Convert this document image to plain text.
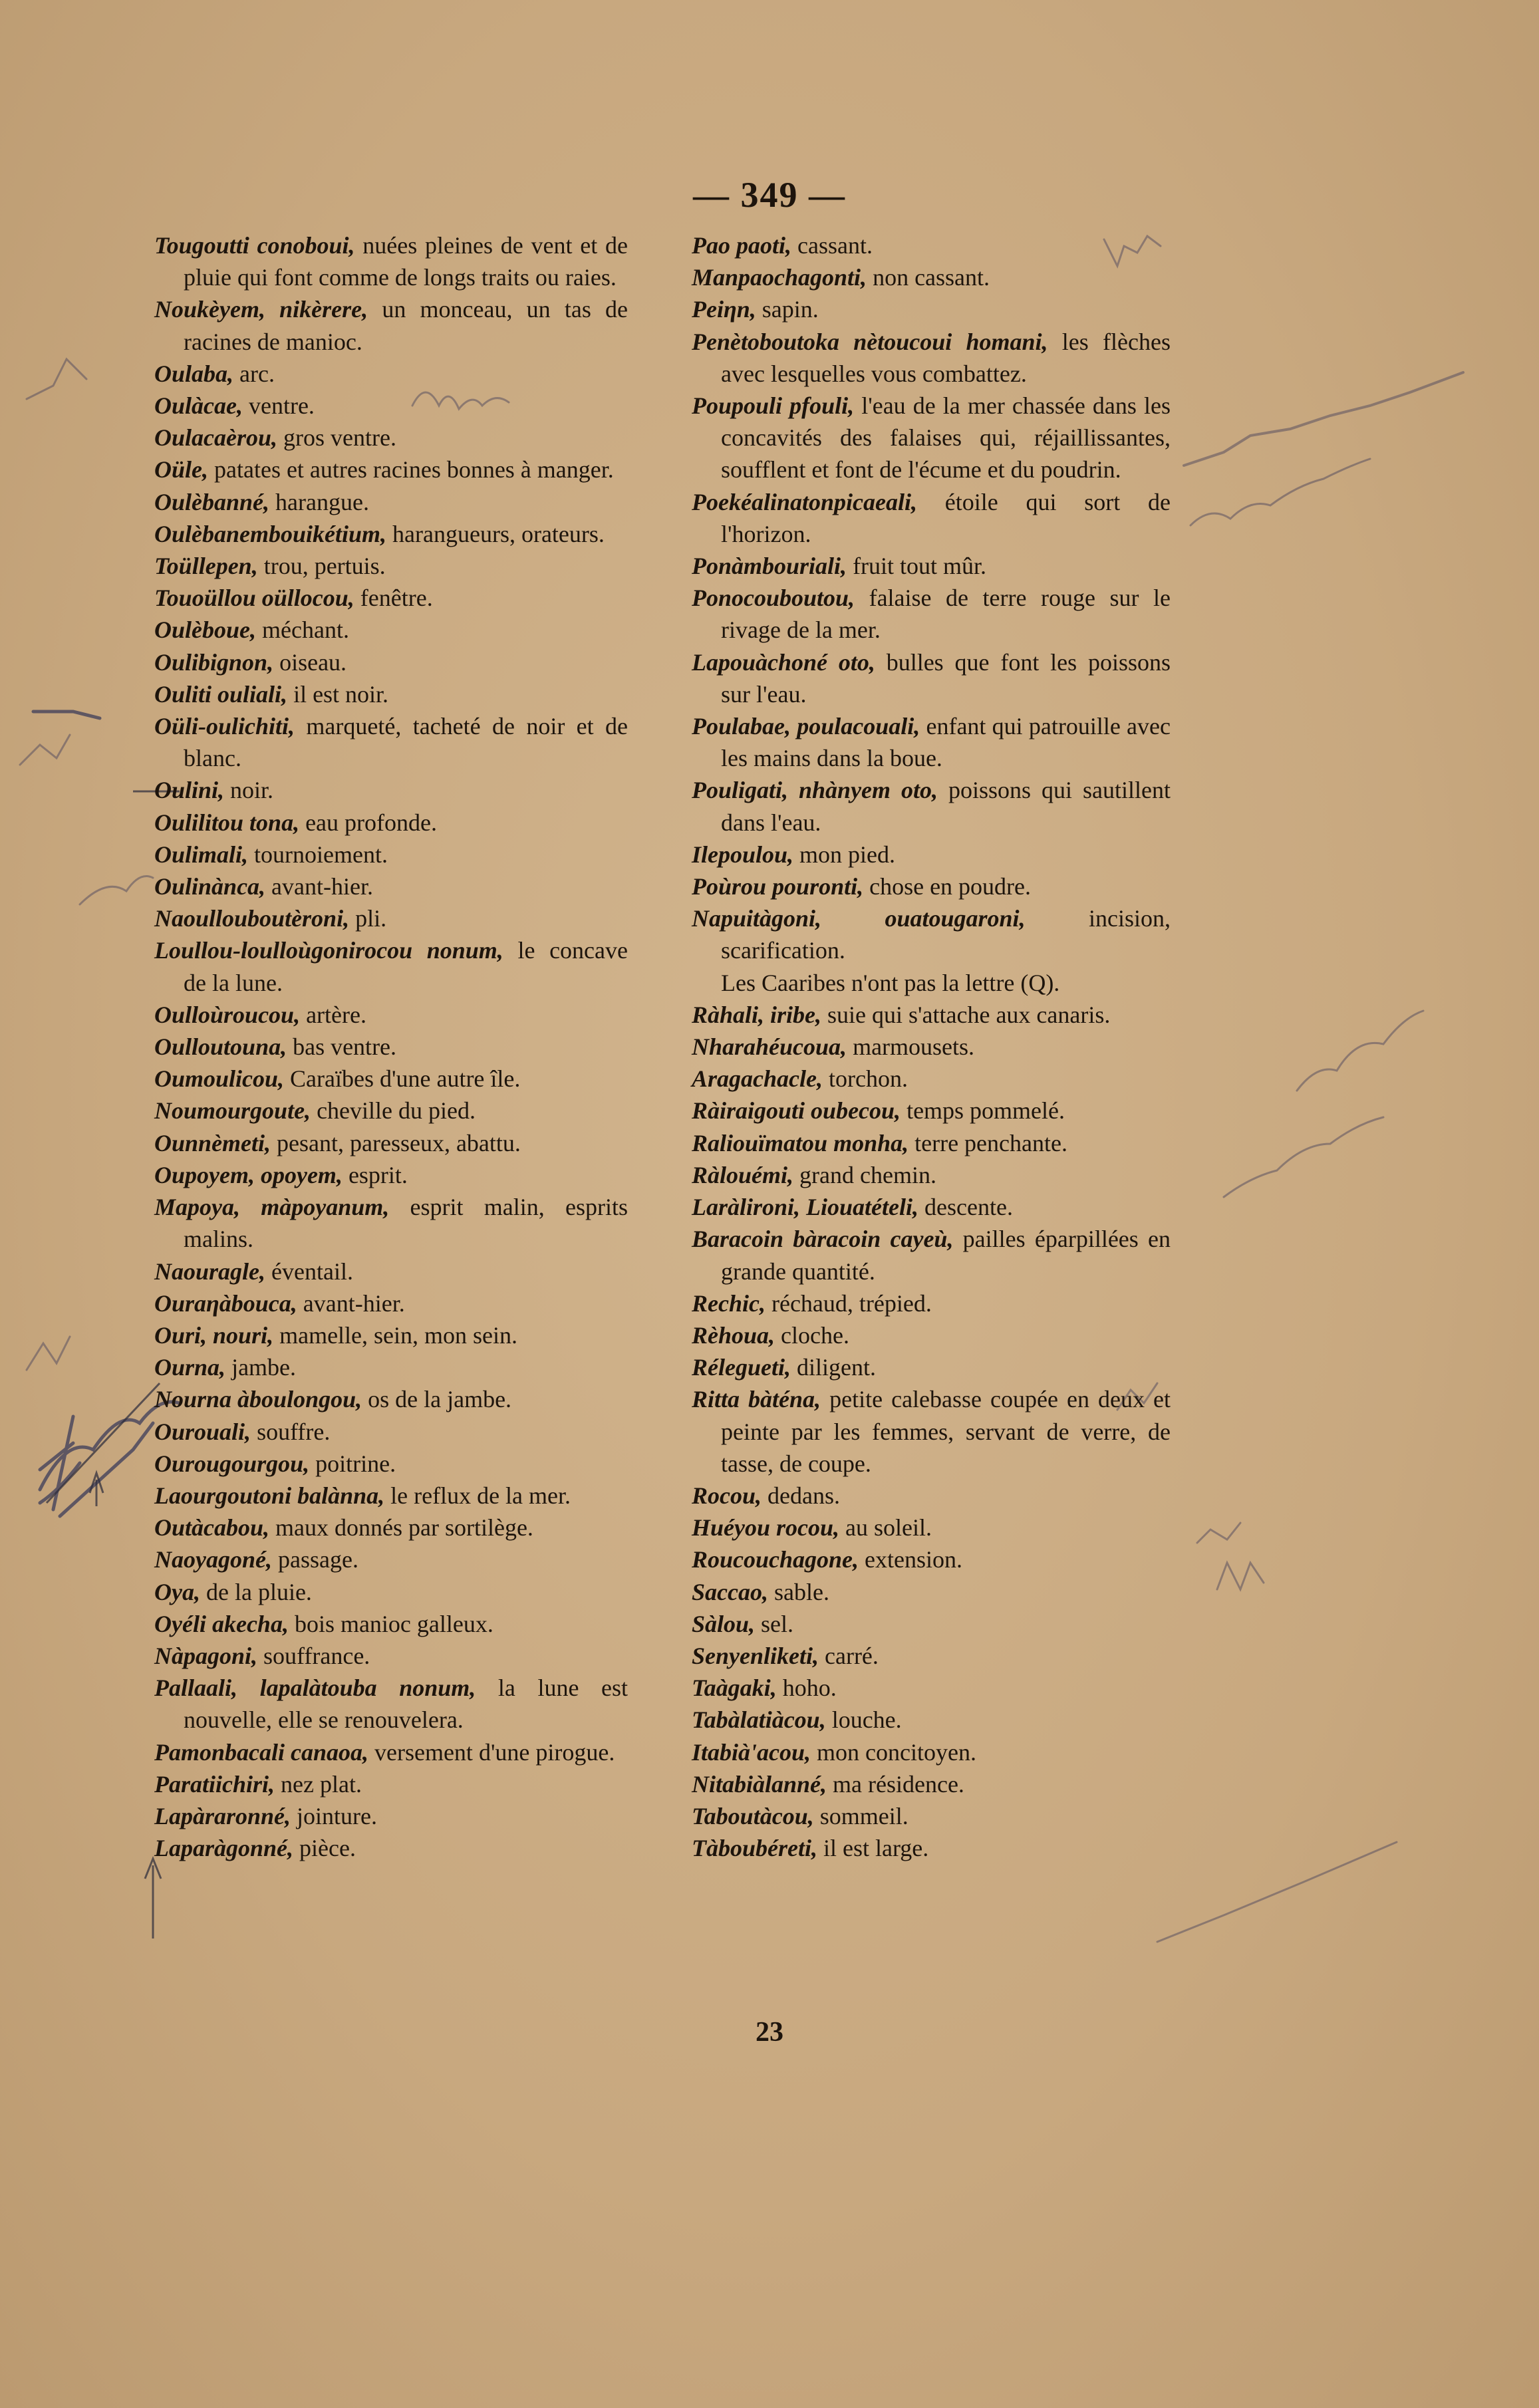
— 349 —

Tougoutti conoboui, nuées pleines de vent et de pluie qui font comme de longs traits ou raies.

Noukèyem, nikèrere, un monceau, un tas de racines de manioc.

Oulaba, arc.

Oulàcae, ventre.

Oulacaèrou, gros ventre.

Oüle, patates et autres racines bonnes à manger.

Oulèbanné, harangue.

Oulèbanembouikétium, harangueurs, orateurs.

Toüllepen, trou, pertuis.

Touoüllou oüllocou, fenêtre.

Oulèboue, méchant.

Oulibignon, oiseau.

Ouliti ouliali, il est noir.

Oüli-oulichiti, marqueté, tacheté de noir et de blanc.

Oulini, noir.

Oulilitou tona, eau profonde.

Oulimali, tournoiement.

Oulinànca, avant-hier.

Naoullouboutèroni, pli.

Loullou-loulloùgonirocou nonum, le concave de la lune.

Oulloùroucou, artère.

Oulloutouna, bas ventre.

Oumoulicou, Caraïbes d'une autre île.

Noumourgoute, cheville du pied.

Ounnèmeti, pesant, paresseux, abattu.

Oupoyem, opoyem, esprit.

Mapoya, màpoyanum, esprit malin, esprits malins.

Naouragle, éventail.

Ouraƞàbouca, avant-hier.

Ouri, nouri, mamelle, sein, mon sein.

Ourna, jambe.

Nourna àboulongou, os de la jambe.

Ourouali, souffre.

Ourougourgou, poitrine.

Laourgoutoni balànna, le reflux de la mer.

Outàcabou, maux donnés par sortilège.

Naoyagoné, passage.

Oya, de la pluie.

Oyéli akecha, bois manioc galleux.

Nàpagoni, souffrance.

Pallaali, lapalàtouba nonum, la lune est nouvelle, elle se renouvelera.

Pamonbacali canaoa, versement d'une pirogue.

Paratiichiri, nez plat.

Lapàraronné, jointure.

Laparàgonné, pièce.

Pao paoti, cassant.

Manpaochagonti, non cassant.

Peiƞn, sapin.

Penètoboutoka nètoucoui homani, les flèches avec lesquelles vous combattez.

Poupouli pfouli, l'eau de la mer chassée dans les concavités des falaises qui, réjaillissantes, soufflent et font de l'écume et du poudrin.

Poekéalinatonpicaeali, étoile qui sort de l'horizon.

Ponàmbouriali, fruit tout mûr.

Ponocouboutou, falaise de terre rouge sur le rivage de la mer.

Lapouàchoné oto, bulles que font les poissons sur l'eau.

Poulabae, poulacouali, enfant qui patrouille avec les mains dans la boue.

Pouligati, nhànyem oto, poissons qui sautillent dans l'eau.

Ilepoulou, mon pied.

Poùrou pouronti, chose en poudre.

Napuitàgoni, ouatougaroni, incision, scarification.

Les Caaribes n'ont pas la lettre (Q).

Ràhali, iribe, suie qui s'attache aux canaris.

Nharahéucoua, marmousets.

Aragachacle, torchon.

Ràiraigouti oubecou, temps pommelé.

Raliouïmatou monha, terre penchante.

Ràlouémi, grand chemin.

Laràlironi, Liouatételi, descente.

Baracoin bàracoin cayeù, pailles éparpillées en grande quantité.

Rechic, réchaud, trépied.

Rèhoua, cloche.

Rélegueti, diligent.

Ritta bàténa, petite calebasse coupée en deux et peinte par les femmes, servant de verre, de tasse, de coupe.

Rocou, dedans.

Huéyou rocou, au soleil.

Roucouchagone, extension.

Saccao, sable.

Sàlou, sel.

Senyenliketi, carré.

Taàgaki, hoho.

Tabàlatiàcou, louche.

Itabià'acou, mon concitoyen.

Nitabiàlanné, ma résidence.

Taboutàcou, sommeil.

Tàboubéreti, il est large.

23
